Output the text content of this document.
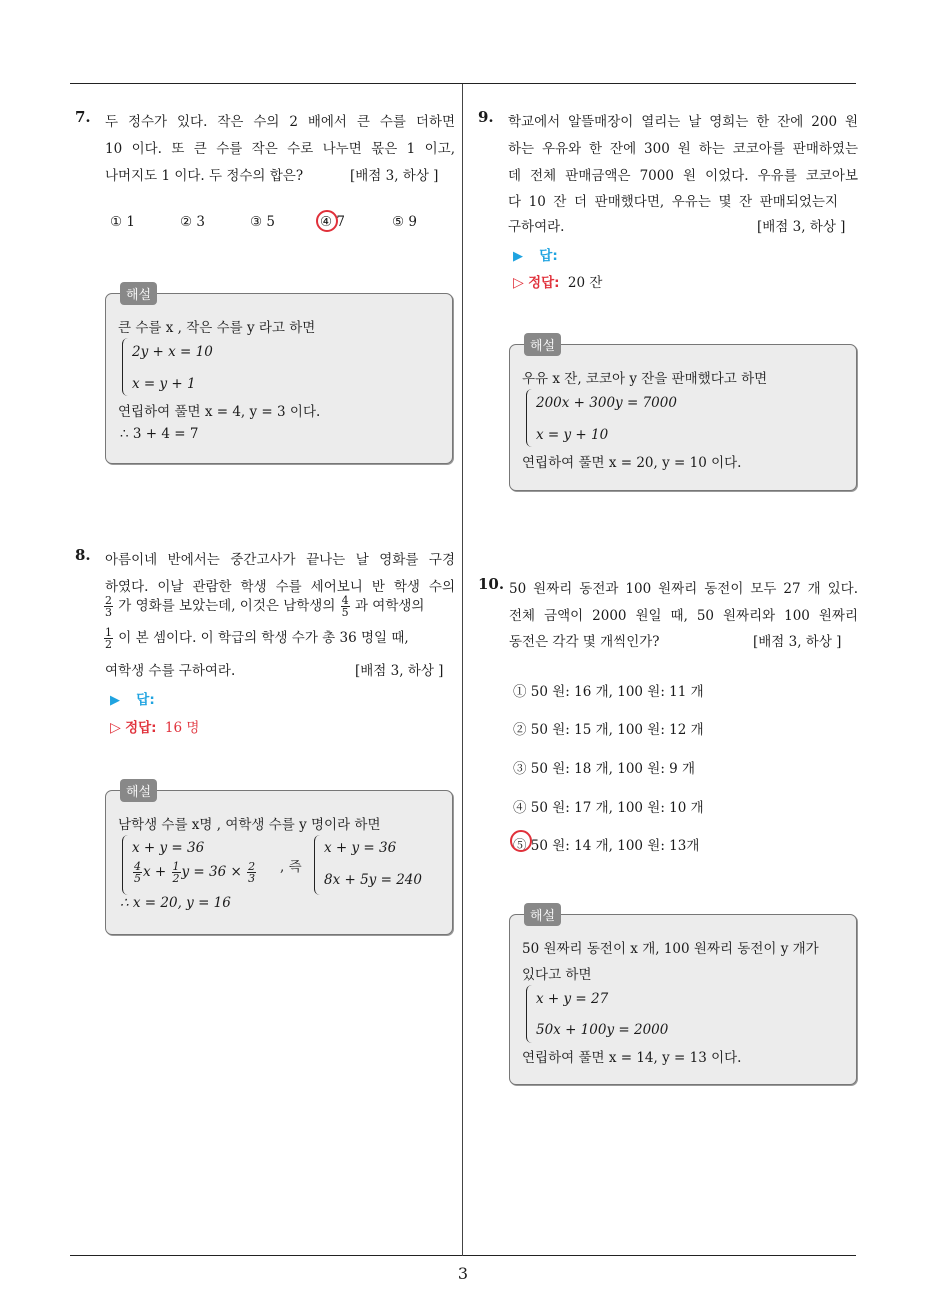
7. 두 정수가 있다. 작은 수의 2 배에서 큰 수를 더하면
10 이다. 또 큰 수를 작은 수로 나누면 몫은 1 이고,
나머지도 1 이다. 두 정수의 합은?	[배점 3, 하상 ]
① 1	② 3	③ 5	④ 7	⑤ 9
큰 수를 x , 작은 수를 y 라고 하면
2y + x = 10
x = y + 1
연립하여 풀면 x = 4, y = 3 이다.
∴ 3 + 4 = 7
해설
8. 아름이네 반에서는 중간고사가 끝나는 날 영화를 구경
하였다. 이날 관람한 학생 수를 세어보니 반 학생 수의
$\frac{2}{3}$ 가 영화를 보았는데, 이것은 남학생의 $\frac{4}{5}$ 과 여학생의
$\frac{1}{2}$ 이 본 셈이다. 이 학급의 학생 수가 총 36 명일 때,
여학생 수를 구하여라.	[배점 3, 하상 ]
▶ 답:
▷ 정답: 16 명
남학생 수를 x명 , 여학생 수를 y 명이라 하면
x + y = 36
$\frac{4}{5}$ $x + \frac{1}{2}$ $y = 36 \times \frac{2}{3}$ , 즉
x + y = 36
8x + 5y = 240
∴ x = 20, y = 16
해설
9. 학교에서 알뜰매장이 열리는 날 영희는 한 잔에 200 원
하는 우유와 한 잔에 300 원 하는 코코아를 판매하였는
데 전체 판매금액은 7000 원 이었다. 우유를 코코아보
다 10 잔 더 판매했다면, 우유는 몇 잔 판매되었는지
구하여라.	[배점 3, 하상 ]
▶ 답:
▷ 정답: 20 잔
우유 x 잔, 코코아 y 잔을 판매했다고 하면
200x + 300y = 7000
x = y + 10
연립하여 풀면 x = 20, y = 10 이다.
해설
10. 50 원짜리 동전과 100 원짜리 동전이 모두 27 개 있다.
전체 금액이 2000 원일 때, 50 원짜리와 100 원짜리
동전은 각각 몇 개씩인가?	[배점 3, 하상 ]
① 50 원: 16 개, 100 원: 11 개
② 50 원: 15 개, 100 원: 12 개
③ 50 원: 18 개, 100 원: 9 개
④ 50 원: 17 개, 100 원: 10 개
⑤ 50 원: 14 개, 100 원: 13개
50 원짜리 동전이 x 개, 100 원짜리 동전이 y 개가
있다고 하면
x + y = 27
50x + 100y = 2000
연립하여 풀면 x = 14, y = 13 이다.
해설
3
